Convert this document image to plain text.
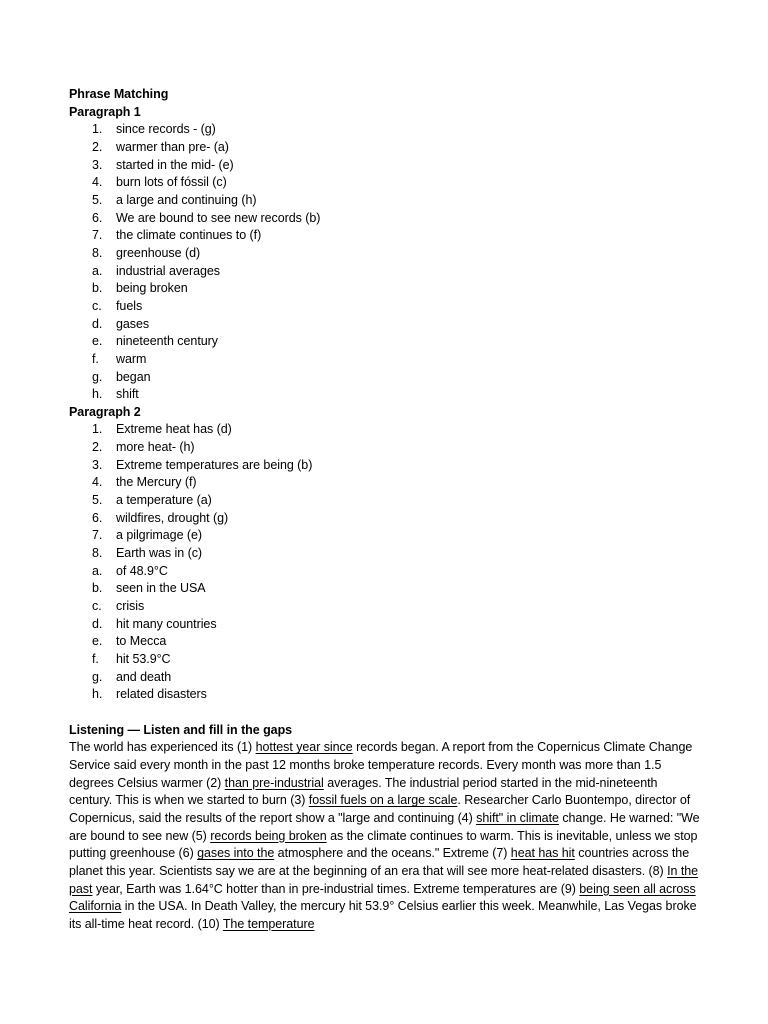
Phrase Matching

Paragraph 1

1.	since records - (g)
2.	warmer than pre- (a)
3.	started in the mid- (e)
4.	burn lots of fóssil (c)
5.	a large and continuing (h)
6.	We are bound to see new records (b)
7.	the climate continues to (f)
8.	greenhouse (d)
a.	industrial averages
b.	being broken
c.	fuels
d.	gases
e.	nineteenth century
f.	warm
g.	began
h.	shift

Paragraph 2

1.	Extreme heat has (d)
2.	more heat- (h)
3.	Extreme temperatures are being (b)
4.	the Mercury (f)
5.	a temperature (a)
6.	wildfires, drought (g)
7.	a pilgrimage (e)
8.	Earth was in (c)
a.	of 48.9°C
b.	seen in the USA
c.	crisis
d.	hit many countries
e.	to Mecca
f.	hit 53.9°C
g.	and death
h.	related disasters

Listening — Listen and fill in the gaps

The world has experienced its (1) hottest year since records began. A report from the Copernicus Climate Change Service said every month in the past 12 months broke temperature records. Every month was more than 1.5 degrees Celsius warmer (2) than pre-industrial averages. The industrial period started in the mid-nineteenth century. This is when we started to burn (3) fossil fuels on a large scale. Researcher Carlo Buontempo, director of Copernicus, said the results of the report show a "large and continuing (4) shift" in climate change. He warned: "We are bound to see new (5) records being broken as the climate continues to warm. This is inevitable, unless we stop putting greenhouse (6) gases into the atmosphere and the oceans." Extreme (7) heat has hit countries across the planet this year. Scientists say we are at the beginning of an era that will see more heat-related disasters. (8) In the past year, Earth was 1.64°C hotter than in pre-industrial times. Extreme temperatures are (9) being seen all across California in the USA. In Death Valley, the mercury hit 53.9° Celsius earlier this week. Meanwhile, Las Vegas broke its all-time heat record. (10) The temperature
